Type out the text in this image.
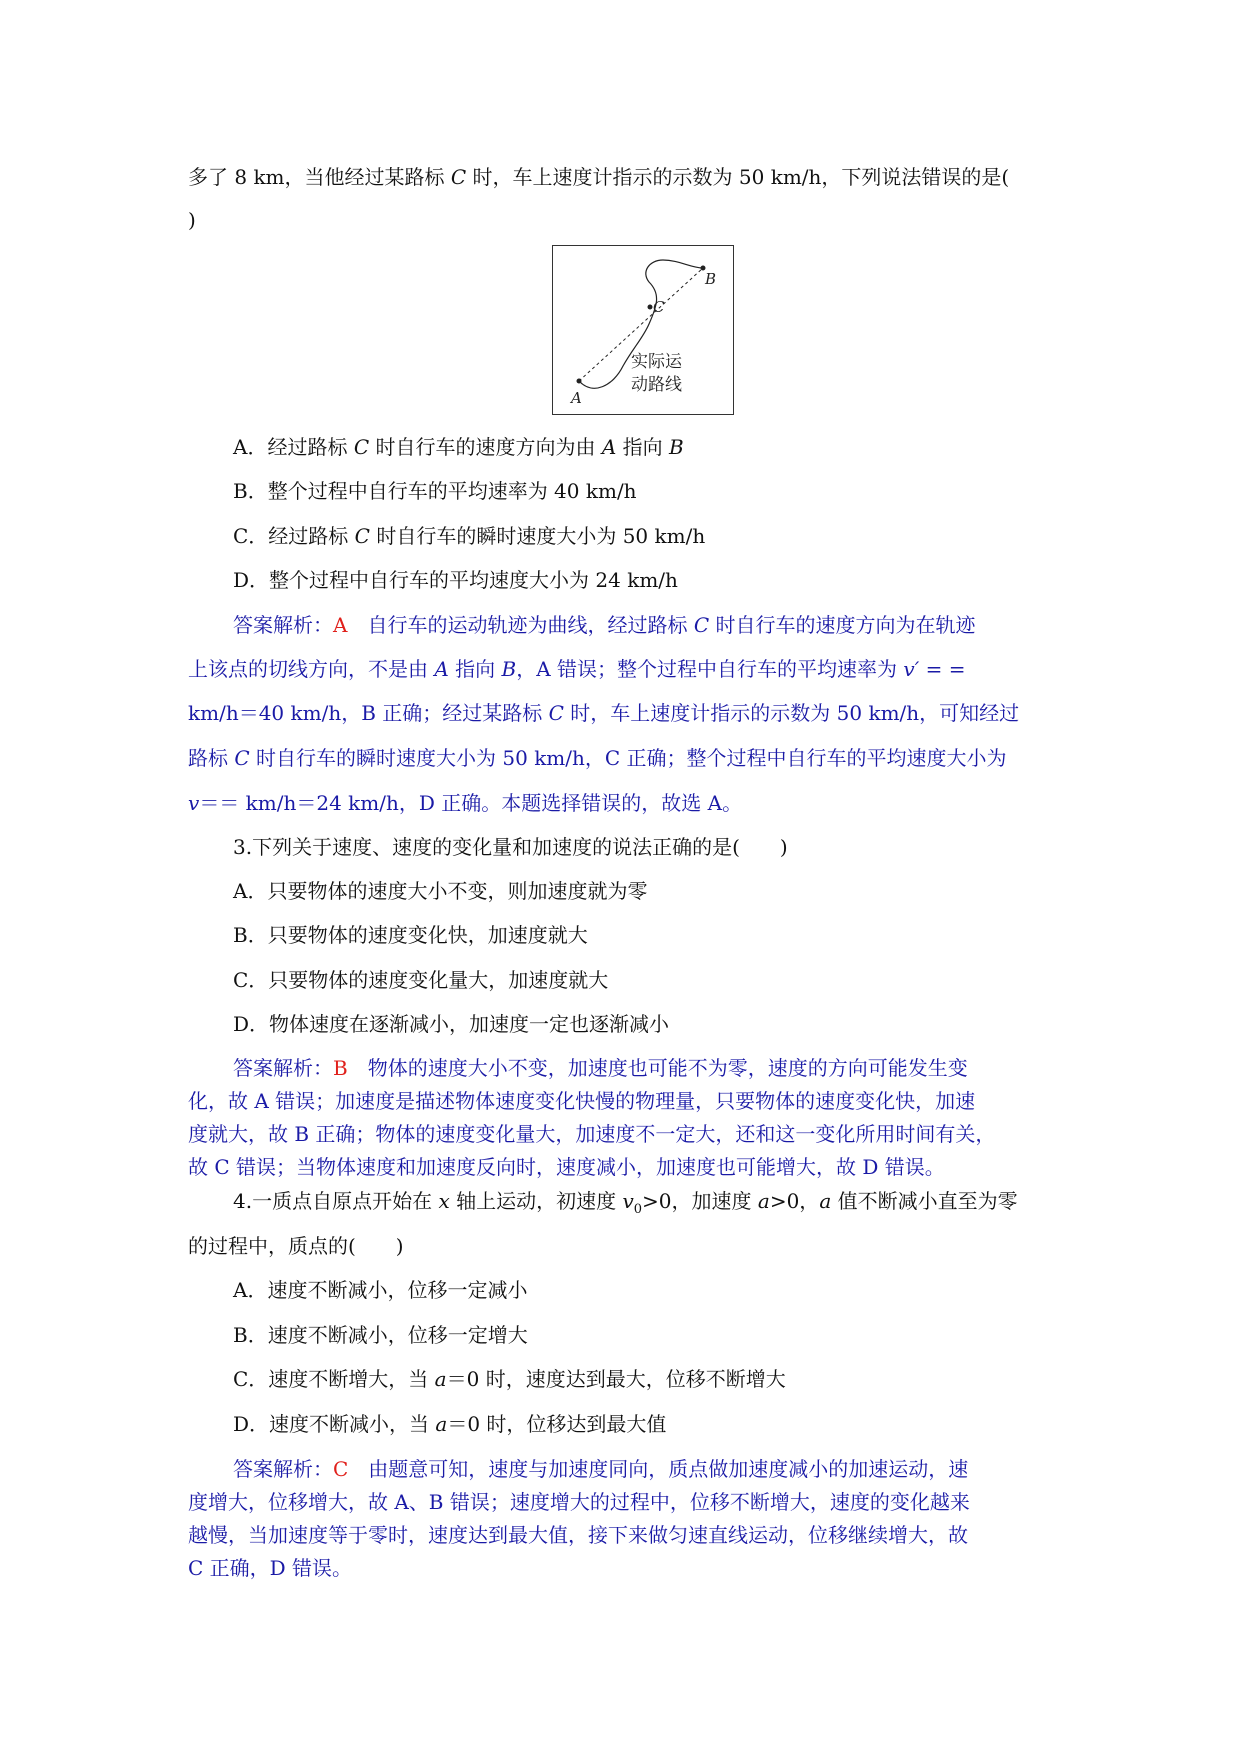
多了 8 km，当他经过某路标 C 时，车上速度计指示的示数为 50 km/h，下列说法错误的是(
)
A
B
C
实际运
动路线
A．经过路标 C 时自行车的速度方向为由 A 指向 B
B．整个过程中自行车的平均速率为 40 km/h
C．经过路标 C 时自行车的瞬时速度大小为 50 km/h
D．整个过程中自行车的平均速度大小为 24 km/h
答案解析：A　自行车的运动轨迹为曲线，经过路标 C 时自行车的速度方向为在轨迹
上该点的切线方向，不是由 A 指向 B，A 错误；整个过程中自行车的平均速率为 v′ = =
km/h＝40 km/h，B 正确；经过某路标 C 时，车上速度计指示的示数为 50 km/h，可知经过
路标 C 时自行车的瞬时速度大小为 50 km/h，C 正确；整个过程中自行车的平均速度大小为
v＝＝ km/h＝24 km/h，D 正确。本题选择错误的，故选 A。
3.下列关于速度、速度的变化量和加速度的说法正确的是(　　)
A．只要物体的速度大小不变，则加速度就为零
B．只要物体的速度变化快，加速度就大
C．只要物体的速度变化量大，加速度就大
D．物体速度在逐渐减小，加速度一定也逐渐减小
答案解析：B　物体的速度大小不变，加速度也可能不为零，速度的方向可能发生变
化，故 A 错误；加速度是描述物体速度变化快慢的物理量，只要物体的速度变化快，加速
度就大，故 B 正确；物体的速度变化量大，加速度不一定大，还和这一变化所用时间有关，
故 C 错误；当物体速度和加速度反向时，速度减小，加速度也可能增大，故 D 错误。
4.一质点自原点开始在 x 轴上运动，初速度 $v_0>0$，加速度 a>0，a 值不断减小直至为零
的过程中，质点的(　　)
A．速度不断减小，位移一定减小
B．速度不断减小，位移一定增大
C．速度不断增大，当 a＝0 时，速度达到最大，位移不断增大
D．速度不断减小，当 a＝0 时，位移达到最大值
答案解析：C　由题意可知，速度与加速度同向，质点做加速度减小的加速运动，速
度增大，位移增大，故 A、B 错误；速度增大的过程中，位移不断增大，速度的变化越来
越慢，当加速度等于零时，速度达到最大值，接下来做匀速直线运动，位移继续增大，故
C 正确，D 错误。
